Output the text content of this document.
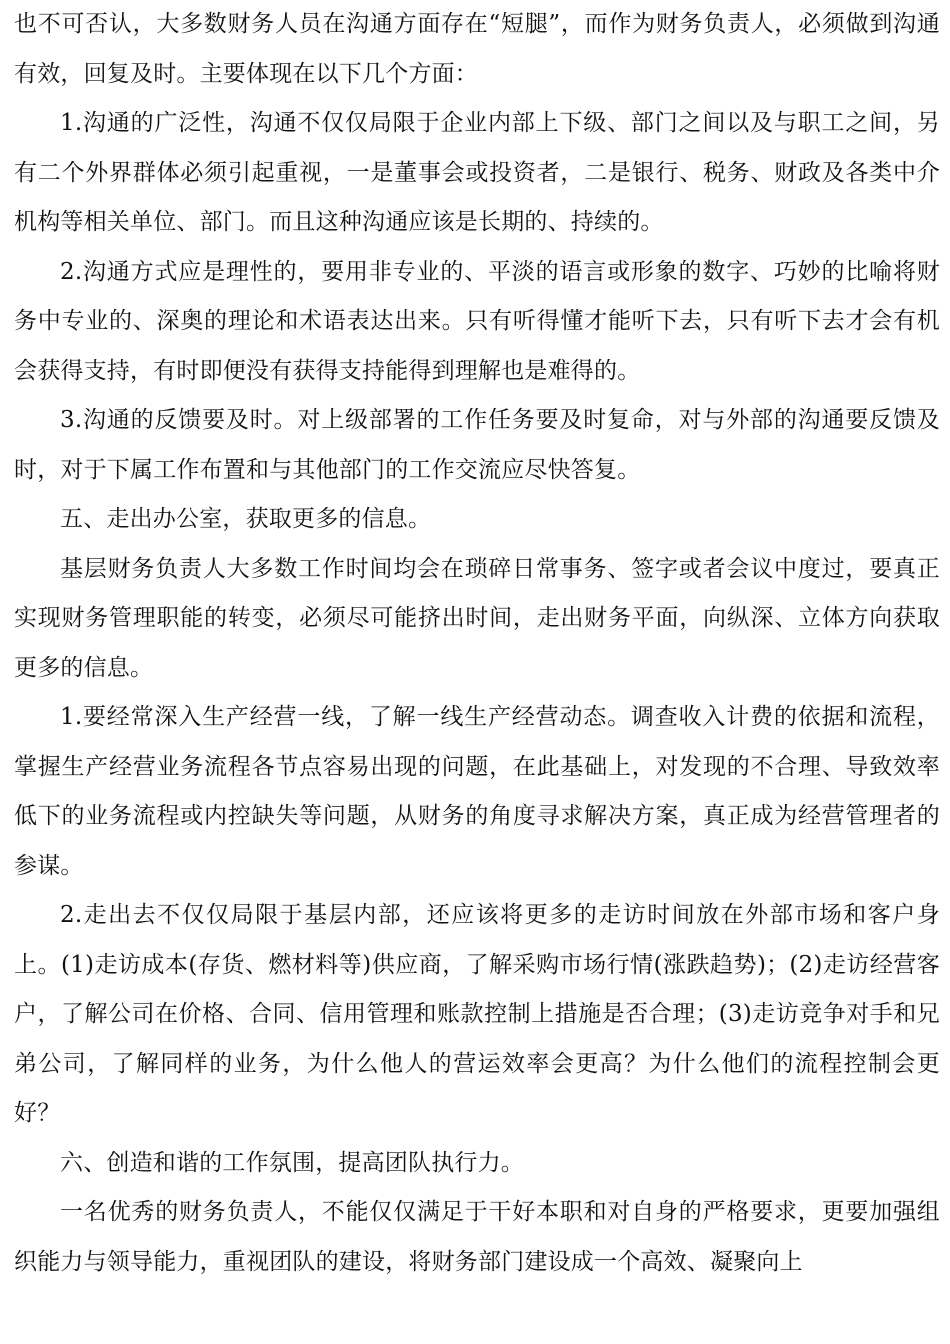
也不可否认，大多数财务人员在沟通方面存在“短腿”，而作为财务负责人，必须做到沟通有效，回复及时。主要体现在以下几个方面：

1.沟通的广泛性，沟通不仅仅局限于企业内部上下级、部门之间以及与职工之间，另有二个外界群体必须引起重视，一是董事会或投资者，二是银行、税务、财政及各类中介机构等相关单位、部门。而且这种沟通应该是长期的、持续的。

2.沟通方式应是理性的，要用非专业的、平淡的语言或形象的数字、巧妙的比喻将财务中专业的、深奥的理论和术语表达出来。只有听得懂才能听下去，只有听下去才会有机会获得支持，有时即便没有获得支持能得到理解也是难得的。

3.沟通的反馈要及时。对上级部署的工作任务要及时复命，对与外部的沟通要反馈及时，对于下属工作布置和与其他部门的工作交流应尽快答复。

五、走出办公室，获取更多的信息。

基层财务负责人大多数工作时间均会在琐碎日常事务、签字或者会议中度过，要真正实现财务管理职能的转变，必须尽可能挤出时间，走出财务平面，向纵深、立体方向获取更多的信息。

1.要经常深入生产经营一线，了解一线生产经营动态。调查收入计费的依据和流程，掌握生产经营业务流程各节点容易出现的问题，在此基础上，对发现的不合理、导致效率低下的业务流程或内控缺失等问题，从财务的角度寻求解决方案，真正成为经营管理者的参谋。

2.走出去不仅仅局限于基层内部，还应该将更多的走访时间放在外部市场和客户身上。(1)走访成本(存货、燃材料等)供应商，了解采购市场行情(涨跌趋势)；(2)走访经营客户，了解公司在价格、合同、信用管理和账款控制上措施是否合理；(3)走访竞争对手和兄弟公司，了解同样的业务，为什么他人的营运效率会更高？为什么他们的流程控制会更好？

六、创造和谐的工作氛围，提高团队执行力。

一名优秀的财务负责人，不能仅仅满足于干好本职和对自身的严格要求，更要加强组织能力与领导能力，重视团队的建设，将财务部门建设成一个高效、凝聚向上
